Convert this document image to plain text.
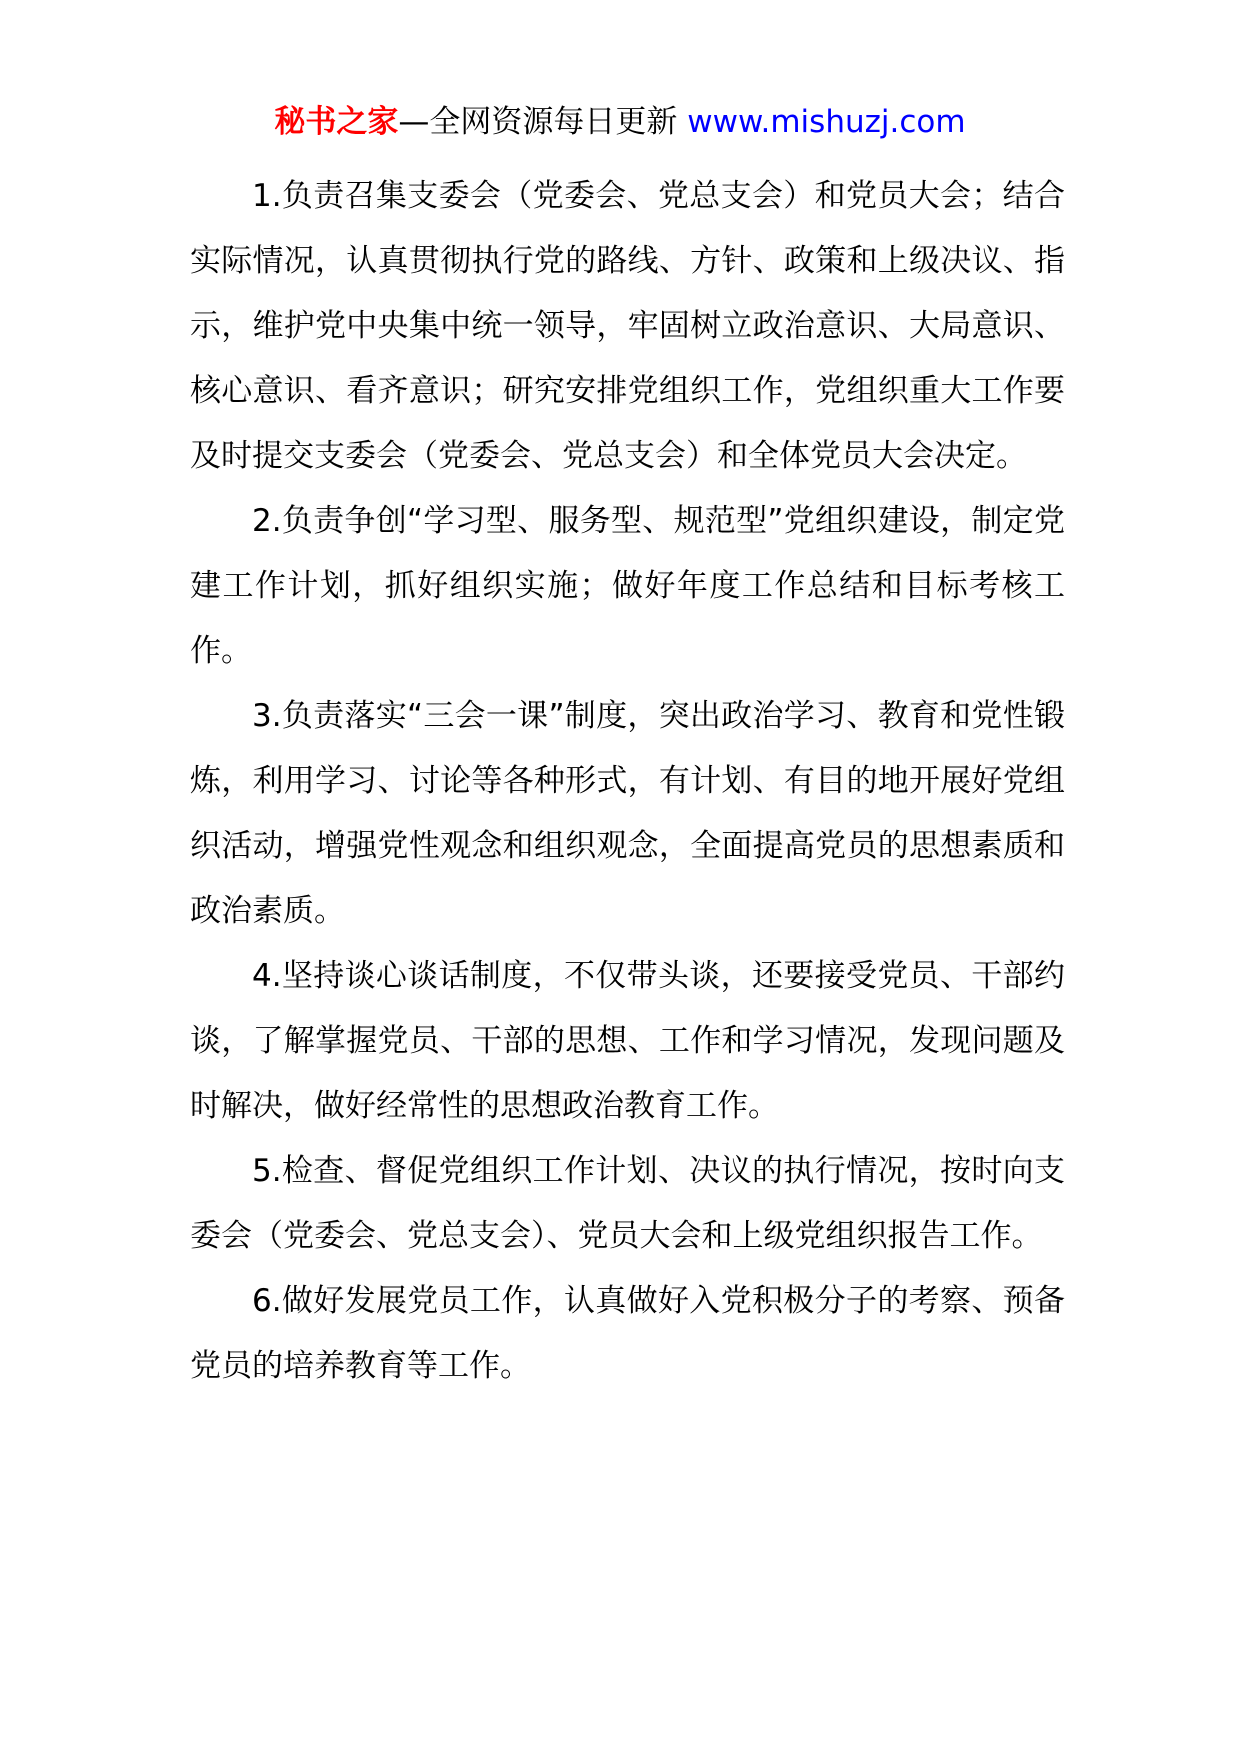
秘书之家—全网资源每日更新 www.mishuzj.com

1.负责召集支委会（党委会、党总支会）和党员大会；结合实际情况，认真贯彻执行党的路线、方针、政策和上级决议、指示，维护党中央集中统一领导，牢固树立政治意识、大局意识、核心意识、看齐意识；研究安排党组织工作，党组织重大工作要及时提交支委会（党委会、党总支会）和全体党员大会决定。

2.负责争创“学习型、服务型、规范型”党组织建设，制定党建工作计划，抓好组织实施；做好年度工作总结和目标考核工作。

3.负责落实“三会一课”制度，突出政治学习、教育和党性锻炼，利用学习、讨论等各种形式，有计划、有目的地开展好党组织活动，增强党性观念和组织观念，全面提高党员的思想素质和政治素质。

4.坚持谈心谈话制度，不仅带头谈，还要接受党员、干部约谈，了解掌握党员、干部的思想、工作和学习情况，发现问题及时解决，做好经常性的思想政治教育工作。

5.检查、督促党组织工作计划、决议的执行情况，按时向支委会（党委会、党总支会）、党员大会和上级党组织报告工作。

6.做好发展党员工作，认真做好入党积极分子的考察、预备党员的培养教育等工作。
